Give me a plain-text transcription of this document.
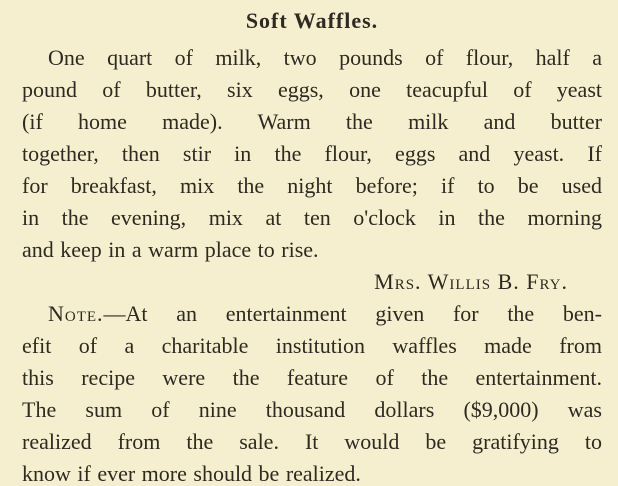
Soft Waffles.
One quart of milk, two pounds of flour, half a
pound of butter, six eggs, one teacupful of yeast
(if home made). Warm the milk and butter
together, then stir in the flour, eggs and yeast. If
for breakfast, mix the night before; if to be used
in the evening, mix at ten o'clock in the morning
and keep in a warm place to rise.
Mrs. Willis B. Fry.
Note.—At an entertainment given for the ben-
efit of a charitable institution waffles made from
this recipe were the feature of the entertainment.
The sum of nine thousand dollars ($9,000) was
realized from the sale. It would be gratifying to
know if ever more should be realized.
